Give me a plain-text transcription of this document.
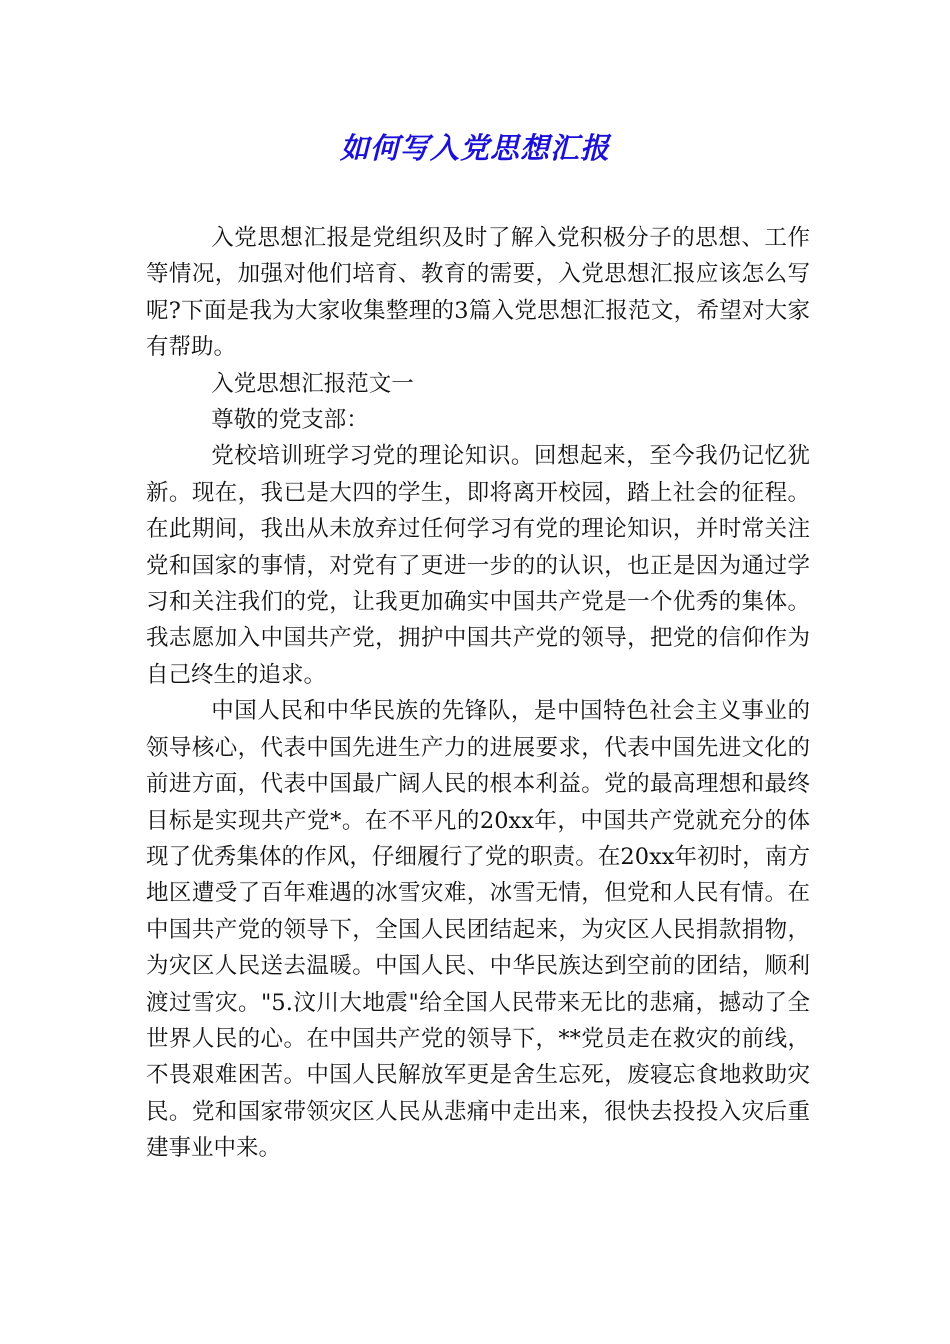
如何写入党思想汇报

入党思想汇报是党组织及时了解入党积极分子的思想、工作等情况，加强对他们培育、教育的需要，入党思想汇报应该怎么写呢?下面是我为大家收集整理的3篇入党思想汇报范文，希望对大家有帮助。

入党思想汇报范文一

尊敬的党支部：

党校培训班学习党的理论知识。回想起来，至今我仍记忆犹新。现在，我已是大四的学生，即将离开校园，踏上社会的征程。在此期间，我出从未放弃过任何学习有党的理论知识，并时常关注党和国家的事情，对党有了更进一步的的认识，也正是因为通过学习和关注我们的党，让我更加确实中国共产党是一个优秀的集体。我志愿加入中国共产党，拥护中国共产党的领导，把党的信仰作为自己终生的追求。

中国人民和中华民族的先锋队，是中国特色社会主义事业的领导核心，代表中国先进生产力的进展要求，代表中国先进文化的前进方面，代表中国最广阔人民的根本利益。党的最高理想和最终目标是实现共产党*。在不平凡的20xx年，中国共产党就充分的体现了优秀集体的作风，仔细履行了党的职责。在20xx年初时，南方地区遭受了百年难遇的冰雪灾难，冰雪无情，但党和人民有情。在中国共产党的领导下，全国人民团结起来，为灾区人民捐款捐物，为灾区人民送去温暖。中国人民、中华民族达到空前的团结，顺利渡过雪灾。"5.汶川大地震"给全国人民带来无比的悲痛，撼动了全世界人民的心。在中国共产党的领导下，**党员走在救灾的前线，不畏艰难困苦。中国人民解放军更是舍生忘死，废寝忘食地救助灾民。党和国家带领灾区人民从悲痛中走出来，很快去投投入灾后重建事业中来。
